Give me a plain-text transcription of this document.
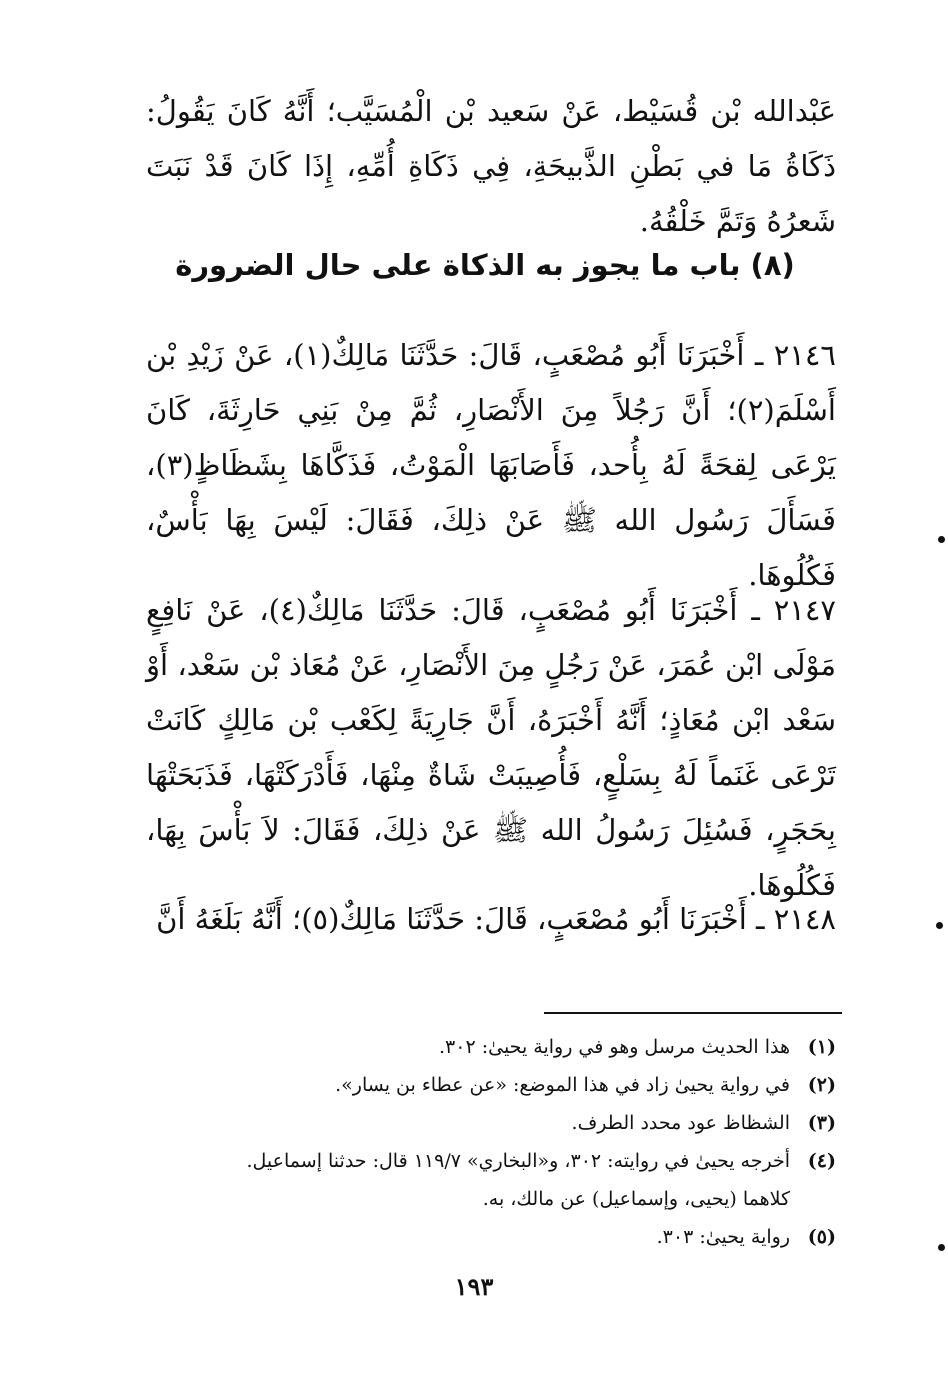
عَبْدالله بْن قُسَيْط، عَنْ سَعيد بْن الْمُسَيَّب؛ أَنَّهُ كَانَ يَقُولُ: ذَكَاةُ مَا في بَطْنِ الذَّبيحَةِ، فِي ذَكَاةِ أُمِّهِ، إِذَا كَانَ قَدْ نَبَتَ شَعرُهُ وَتَمَّ خَلْقُهُ.

(٨) باب ما يجوز به الذكاة على حال الضرورة

٢١٤٦ ـ أَخْبَرَنَا أَبُو مُصْعَبٍ، قَالَ: حَدَّثَنَا مَالِكٌ(١)، عَنْ زَيْدِ بْن أَسْلَمَ(٢)؛ أَنَّ رَجُلاً مِنَ الأَنْصَارِ، ثُمَّ مِنْ بَنِي حَارِثَةَ، كَانَ يَرْعَى لِقحَةً لَهُ بِأُحد، فَأَصَابَهَا الْمَوْتُ، فَذَكَّاهَا بِشَظَاظٍ(٣)، فَسَأَلَ رَسُول الله ﷺ عَنْ ذلِكَ، فَقَالَ: لَيْسَ بِهَا بَأْسٌ، فَكُلُوهَا.

٢١٤٧ ـ أَخْبَرَنَا أَبُو مُصْعَبٍ، قَالَ: حَدَّثَنَا مَالِكٌ(٤)، عَنْ نَافِعٍ مَوْلَى ابْن عُمَرَ، عَنْ رَجُلٍ مِنَ الأَنْصَارِ، عَنْ مُعَاذ بْن سَعْد، أَوْ سَعْد ابْن مُعَاذٍ؛ أَنَّهُ أَخْبَرَهُ، أَنَّ جَارِيَةً لِكَعْب بْن مَالِكٍ كَانَتْ تَرْعَى غَنَماً لَهُ بِسَلْعٍ، فَأُصِيبَتْ شَاةٌ مِنْهَا، فَأَدْرَكَتْهَا، فَذَبَحَتْهَا بِحَجَرٍ، فَسُئِلَ رَسُولُ الله ﷺ عَنْ ذلِكَ، فَقَالَ: لاَ بَأْسَ بِهَا، فَكُلُوهَا.

٢١٤٨ ـ أَخْبَرَنَا أَبُو مُصْعَبٍ، قَالَ: حَدَّثَنَا مَالِكٌ(٥)؛ أَنَّهُ بَلَغَهُ أَنَّ

(١)
هذا الحديث مرسل وهو في رواية يحيىٰ: ٣٠٢.
(٢)
في رواية يحيىٰ زاد في هذا الموضع: «عن عطاء بن يسار».
(٣)
الشظاظ عود محدد الطرف.
(٤)
أخرجه يحيىٰ في روايته: ٣٠٢، و«البخاري» ١١٩/٧ قال: حدثنا إسماعيل.
كلاهما (يحيى، وإسماعيل) عن مالك، به.
(٥)
رواية يحيىٰ: ٣٠٣.
١٩٣
